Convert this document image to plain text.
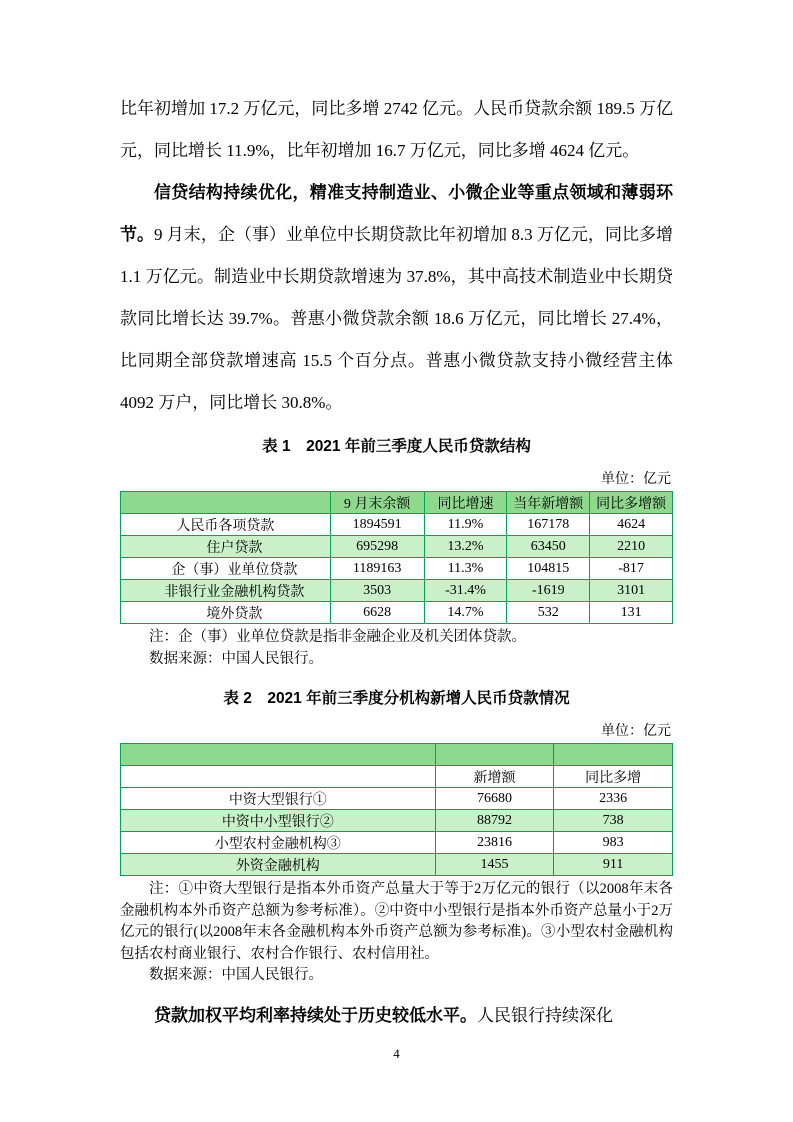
比年初增加 17.2 万亿元，同比多增 2742 亿元。人民币贷款余额 189.5 万亿元，同比增长 11.9%，比年初增加 16.7 万亿元，同比多增 4624 亿元。

信贷结构持续优化，精准支持制造业、小微企业等重点领域和薄弱环节。9 月末，企（事）业单位中长期贷款比年初增加 8.3 万亿元，同比多增 1.1 万亿元。制造业中长期贷款增速为 37.8%，其中高技术制造业中长期贷款同比增长达 39.7%。普惠小微贷款余额 18.6 万亿元，同比增长 27.4%，比同期全部贷款增速高 15.5 个百分点。普惠小微贷款支持小微经营主体 4092 万户，同比增长 30.8%。

表 1　2021 年前三季度人民币贷款结构
单位：亿元
	9 月末余额	同比增速	当年新增额	同比多增额
人民币各项贷款	1894591	11.9%	167178	4624
住户贷款	695298	13.2%	63450	2210
企（事）业单位贷款	1189163	11.3%	104815	-817
非银行业金融机构贷款	3503	-31.4%	-1619	3101
境外贷款	6628	14.7%	532	131

注：企（事）业单位贷款是指非金融企业及机关团体贷款。

数据来源：中国人民银行。

表 2　2021 年前三季度分机构新增人民币贷款情况
单位：亿元

	新增额	同比多增
中资大型银行①	76680	2336
中资中小型银行②	88792	738
小型农村金融机构③	23816	983
外资金融机构	1455	911

注：①中资大型银行是指本外币资产总量大于等于2万亿元的银行（以2008年末各金融机构本外币资产总额为参考标准）。②中资中小型银行是指本外币资产总量小于2万亿元的银行(以2008年末各金融机构本外币资产总额为参考标准)。③小型农村金融机构包括农村商业银行、农村合作银行、农村信用社。

数据来源：中国人民银行。

贷款加权平均利率持续处于历史较低水平。人民银行持续深化

4
